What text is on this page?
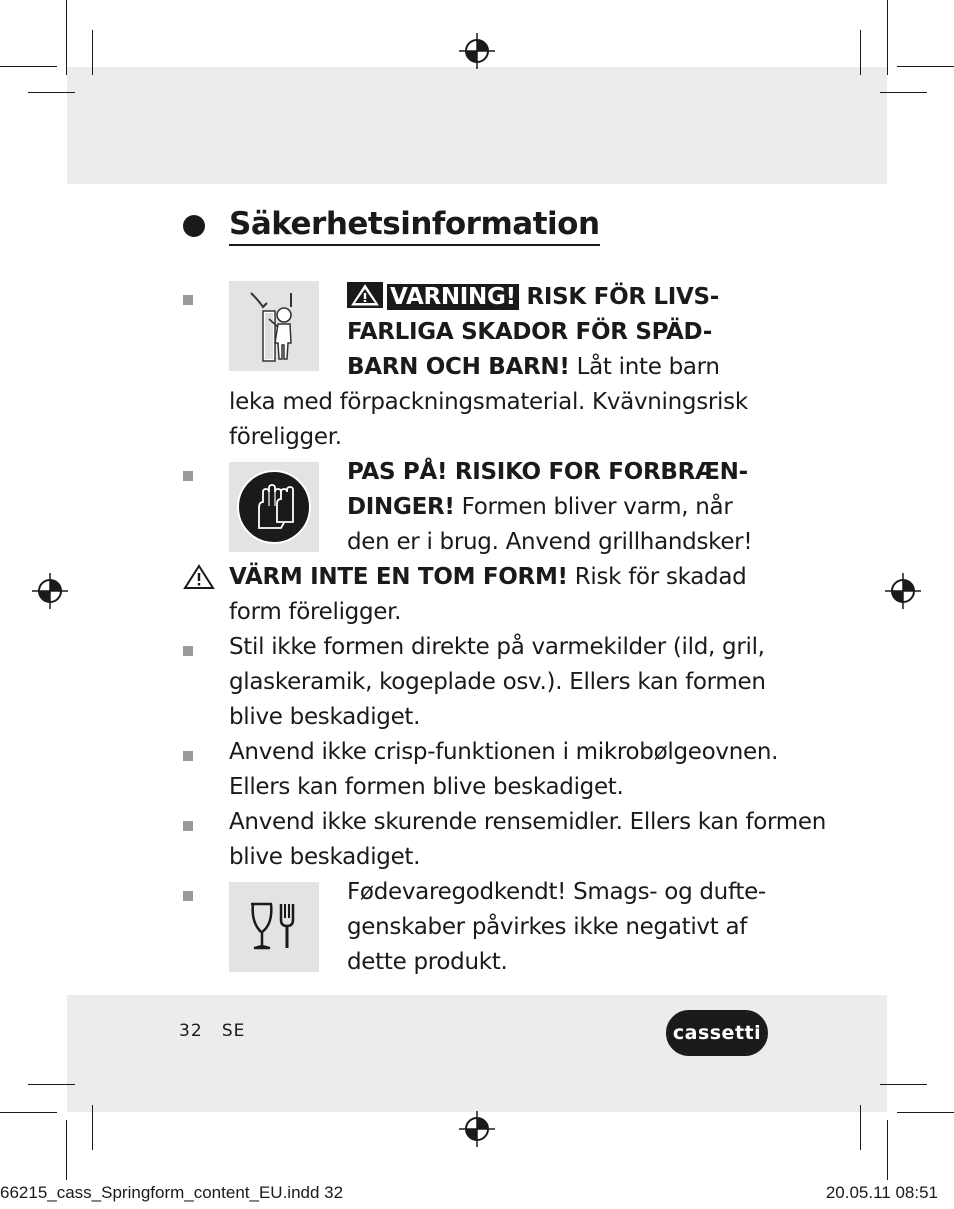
Säkerhetsinformation
VARNING! RISK FÖR LIVS-
FARLIGA SKADOR FÖR SPÄD-
BARN OCH BARN! Låt inte barn
leka med förpackningsmaterial. Kvävningsrisk
föreligger.
PAS PÅ! RISIKO FOR FORBRÆN-
DINGER! Formen bliver varm, når
den er i brug. Anvend grillhandsker!
VÄRM INTE EN TOM FORM! Risk för skadad
form föreligger.
Stil ikke formen direkte på varmekilder (ild, gril,
glaskeramik, kogeplade osv.). Ellers kan formen
blive beskadiget.
Anvend ikke crisp-funktionen i mikrobølgeovnen.
Ellers kan formen blive beskadiget.
Anvend ikke skurende rensemidler. Ellers kan formen
blive beskadiget.
Fødevaregodkendt! Smags- og dufte-
genskaber påvirkes ikke negativt af
dette produkt.
32 SE	cassetti
66215_cass_Springform_content_EU.indd 32	20.05.11 08:51
